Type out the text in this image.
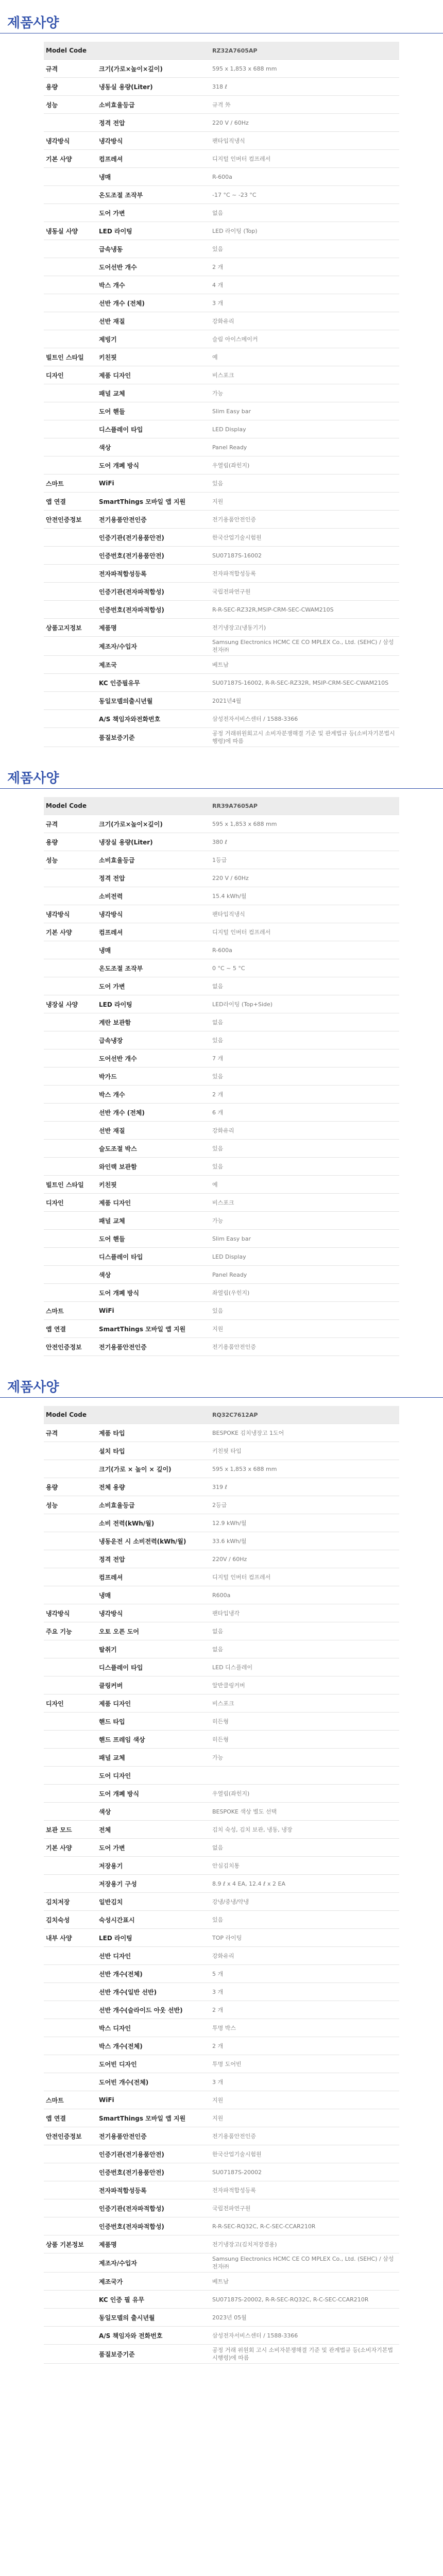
제품사양
Model Code		RZ32A7605AP
규격	크기(가로×높이×깊이)	595 x 1,853 x 688 mm
용량	냉동실 용량(Liter)	318 ℓ
성능	소비효율등급	규격 外
	정격 전압	220 V / 60Hz
냉각방식	냉각방식	팬타입직냉식
기본 사양	컴프레셔	디지털 인버터 컴프레서
	냉매	R-600a
	온도조절 조작부	-17 °C ~ -23 °C
	도어 가변	없음
냉동실 사양	LED 라이팅	LED 라이팅 (Top)
	급속냉동	있음
	도어선반 개수	2 개
	박스 개수	4 개
	선반 개수 (전체)	3 개
	선반 재질	강화유리
	제빙기	슬림 아이스메이커
빌트인 스타일	키친핏	예
디자인	제품 디자인	비스포크
	패널 교체	가능
	도어 핸들	Slim Easy bar
	디스플레이 타입	LED Display
	색상	Panel Ready
	도어 개폐 방식	우열림(좌힌지)
스마트	WiFi	있음
앱 연결	SmartThings 모바일 앱 지원	지원
안전인증정보	전기용품안전인증	전기용품안전인증
	인증기관(전기용품안전)	한국산업기술시험원
	인증번호(전기용품안전)	SU07187S-16002
	전자파적합성등록	전자파적합성등록
	인증기관(전자파적합성)	국립전파연구원
	인증번호(전자파적합성)	R-R-SEC-RZ32R,MSIP-CRM-SEC-CWAM210S
상품고지정보	제품명	전기냉장고(냉동기기)
	제조자/수입자	Samsung Electronics HCMC CE CO MPLEX Co., Ltd. (SEHC) / 삼성전자㈜
	제조국	베트남
	KC 인증필유무	SU07187S-16002, R-R-SEC-RZ32R, MSIP-CRM-SEC-CWAM210S
	동일모델의출시년월	2021년4월
	A/S 책임자와전화번호	삼성전자서비스센터 / 1588-3366
	품질보증기준	공정 거래위원회고시 소비자분쟁해결 기준 및 관계법규 등(소비자기본법시행령)에 따름
제품사양
Model Code		RR39A7605AP
규격	크기(가로×높이×깊이)	595 x 1,853 x 688 mm
용량	냉장실 용량(Liter)	380 ℓ
성능	소비효율등급	1등급
	정격 전압	220 V / 60Hz
	소비전력	15.4 kWh/월
냉각방식	냉각방식	팬타입직냉식
기본 사양	컴프레셔	디지털 인버터 컴프레서
	냉매	R-600a
	온도조절 조작부	0 °C ~ 5 °C
	도어 가변	없음
냉장실 사양	LED 라이팅	LED라이팅 (Top+Side)
	계란 보관함	없음
	급속냉장	있음
	도어선반 개수	7 개
	박가드	있음
	박스 개수	2 개
	선반 개수 (전체)	6 개
	선반 재질	강화유리
	슬도조절 박스	있음
	와인랙 보관함	있음
빌트인 스타일	키친핏	예
디자인	제품 디자인	비스포크
	패널 교체	가능
	도어 핸들	Slim Easy bar
	디스플레이 타입	LED Display
	색상	Panel Ready
	도어 개폐 방식	좌열림(우힌지)
스마트	WiFi	있음
앱 연결	SmartThings 모바일 앱 지원	지원
안전인증정보	전기용품안전인증	전기용품안전인증
제품사양
Model Code		RQ32C7612AP
규격	제품 타입	BESPOKE 김치냉장고 1도어
	설치 타입	키친핏 타입
	크기(가로 × 높이 × 깊이)	595 x 1,853 x 688 mm
용량	전체 용량	319 ℓ
성능	소비효율등급	2등급
	소비 전력(kWh/월)	12.9 kWh/월
	냉동운전 시 소비전력(kWh/월)	33.6 kWh/월
	정격 전압	220V / 60Hz
	컴프레셔	디지털 인버터 컴프레서
	냉매	R600a
냉각방식	냉각방식	팬타입냉각
주요 기능	오토 오픈 도어	없음
	탈취기	없음
	디스플레이 타입	LED 디스플레이
	클링커버	알반클링커버
디자인	제품 디자인	비스포크
	핸드 타입	히든형
	핸드 프레임 색상	히든형
	패널 교체	가능
	도어 디자인	
	도어 개폐 방식	우열림(좌힌지)
	색상	BESPOKE 색상 별도 선택
보관 모드	전체	김치 숙성, 김치 보관, 냉동, 냉장
기본 사양	도어 가변	없음
	저장용기	안심김치통
	저장용기 구성	8.9 ℓ x 4 EA, 12.4 ℓ x 2 EA
김치저장	일반김치	강냉/중냉/약냉
김치숙성	숙성시간표시	있음
내부 사양	LED 라이팅	TOP 라이팅
	선반 디자인	강화유리
	선반 개수(전체)	5 개
	선반 개수(일반 선반)	3 개
	선반 개수(슬라이드 아웃 선반)	2 개
	박스 디자인	투명 박스
	박스 개수(전체)	2 개
	도어빈 디자인	투명 도어빈
	도어빈 개수(전체)	3 개
스마트	WiFi	지원
앱 연결	SmartThings 모바일 앱 지원	지원
안전인증정보	전기용품안전인증	전기용품안전인증
	인증기관(전기용품안전)	한국산업기술시험원
	인증번호(전기용품안전)	SU07187S-20002
	전자파적합성등록	전자파적합성등록
	인증기관(전자파적합성)	국립전파연구원
	인증번호(전자파적합성)	R-R-SEC-RQ32C, R-C-SEC-CCAR210R
상품 기본정보	제품명	전기냉장고(김치저장겸용)
	제조자/수입자	Samsung Electronics HCMC CE CO MPLEX Co., Ltd. (SEHC) / 삼성전자㈜
	제조국가	베트남
	KC 인증 필 유무	SU07187S-20002, R-R-SEC-RQ32C, R-C-SEC-CCAR210R
	동일모델의 출시년월	2023년 05월
	A/S 책임자와 전화번호	삼성전자서비스센터 / 1588-3366
	품질보증기준	공정 거래 위원회 고시 소비자분쟁해결 기준 및 관계법규 등(소비자기본법 시행령)에 따름
